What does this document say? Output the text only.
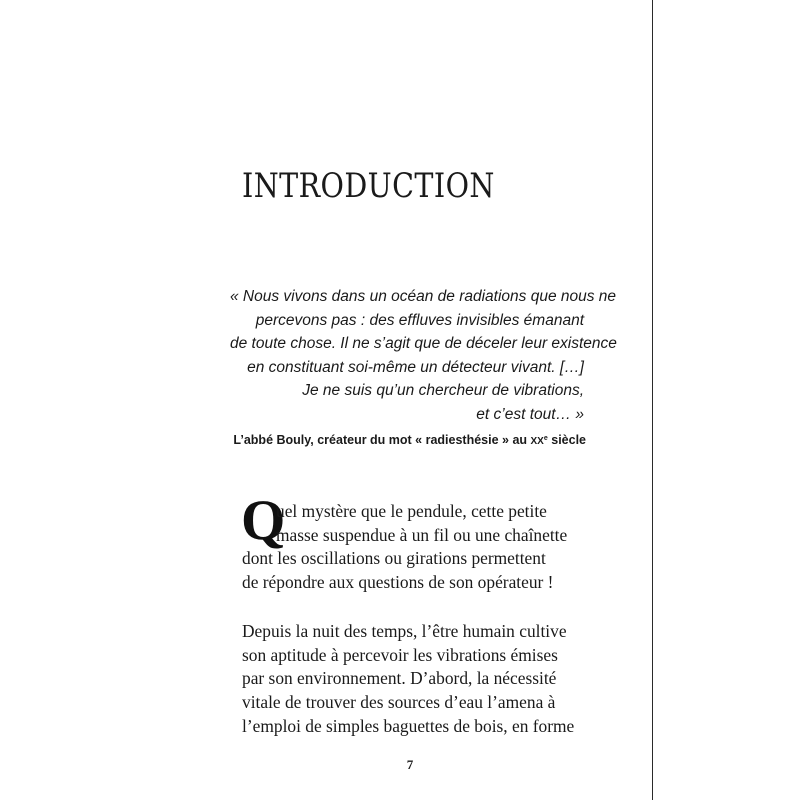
INTRODUCTION
« Nous vivons dans un océan de radiations que nous ne
percevons pas : des effluves invisibles émanant
de toute chose. Il ne s’agit que de déceler leur existence
en constituant soi-même un détecteur vivant. […]
Je ne suis qu’un chercheur de vibrations,
et c’est tout… »
L’abbé Bouly, créateur du mot « radiesthésie » au XXe siècle
Q
uel mystère que le pendule, cette petite
masse suspendue à un fil ou une chaînette
dont les oscillations ou girations permettent
de répondre aux questions de son opérateur !
Depuis la nuit des temps, l’être humain cultive
son aptitude à percevoir les vibrations émises
par son environnement. D’abord, la nécessité
vitale de trouver des sources d’eau l’amena à
l’emploi de simples baguettes de bois, en forme
7
